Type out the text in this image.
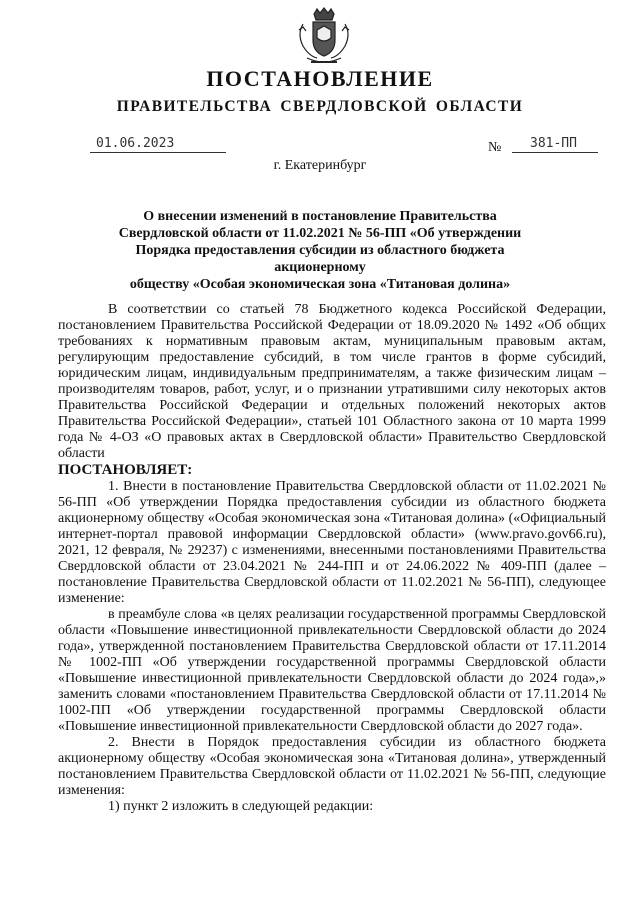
ПОСТАНОВЛЕНИЕ
ПРАВИТЕЛЬСТВА СВЕРДЛОВСКОЙ ОБЛАСТИ
01.06.2023	№	381-ПП
г. Екатеринбург
О внесении изменений в постановление Правительства
Свердловской области от 11.02.2021 № 56-ПП «Об утверждении
Порядка предоставления субсидии из областного бюджета акционерному
обществу «Особая экономическая зона «Титановая долина»

В соответствии со статьей 78 Бюджетного кодекса Российской Федерации, постановлением Правительства Российской Федерации от 18.09.2020 № 1492 «Об общих требованиях к нормативным правовым актам, муниципальным правовым актам, регулирующим предоставление субсидий, в том числе грантов в форме субсидий, юридическим лицам, индивидуальным предпринимателям, а также физическим лицам – производителям товаров, работ, услуг, и о признании утратившими силу некоторых актов Правительства Российской Федерации и отдельных положений некоторых актов Правительства Российской Федерации», статьей 101 Областного закона от 10 марта 1999 года № 4-ОЗ «О правовых актах в Свердловской области» Правительство Свердловской области

ПОСТАНОВЛЯЕТ:

1. Внести в постановление Правительства Свердловской области от 11.02.2021 № 56-ПП «Об утверждении Порядка предоставления субсидии из областного бюджета акционерному обществу «Особая экономическая зона «Титановая долина» («Официальный интернет-портал правовой информации Свердловской области» (www.pravo.gov66.ru), 2021, 12 февраля, № 29237) с изменениями, внесенными постановлениями Правительства Свердловской области от 23.04.2021 № 244-ПП и от 24.06.2022 № 409-ПП (далее – постановление Правительства Свердловской области от 11.02.2021 № 56-ПП), следующее изменение:

в преамбуле слова «в целях реализации государственной программы Свердловской области «Повышение инвестиционной привлекательности Свердловской области до 2024 года», утвержденной постановлением Правительства Свердловской области от 17.11.2014 № 1002-ПП «Об утверждении государственной программы Свердловской области «Повышение инвестиционной привлекательности Свердловской области до 2024 года»,» заменить словами «постановлением Правительства Свердловской области от 17.11.2014 № 1002-ПП «Об утверждении государственной программы Свердловской области «Повышение инвестиционной привлекательности Свердловской области до 2027 года».

2. Внести в Порядок предоставления субсидии из областного бюджета акционерному обществу «Особая экономическая зона «Титановая долина», утвержденный постановлением Правительства Свердловской области от 11.02.2021 № 56-ПП, следующие изменения:

1) пункт 2 изложить в следующей редакции:
